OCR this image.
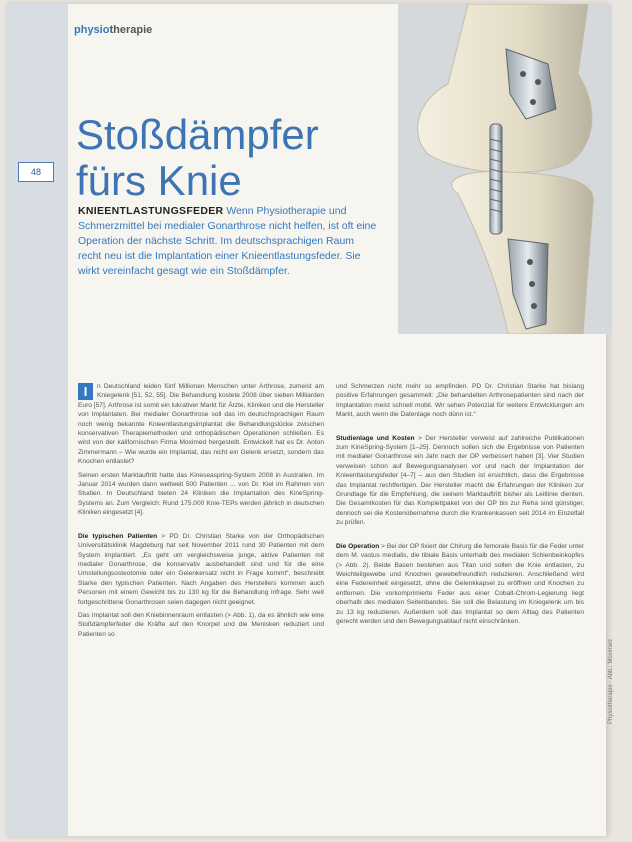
48
physiotherapie
Stoßdämpfer
fürs Knie
KNIEENTLASTUNGSFEDER Wenn Physiotherapie und Schmerzmittel bei medialer Gonarthrose nicht helfen, ist oft eine Operation der nächste Schritt. Im deutschsprachigen Raum recht neu ist die Implantation einer Knieentlastungsfeder. Sie wirkt vereinfacht gesagt wie ein Stoßdämpfer.

I	n Deutschland leiden fünf Millionen Menschen unter Arthrose, zumeist am Kniegelenk [51, 52, 55]. Die Behandlung kostete 2008 über sieben Milliarden Euro [57]. Arthrose ist somit ein lukrativer Markt für Ärzte, Kliniken und die Hersteller von Implantaten. Bei medialer Gonarthrose soll das im deutschsprachigen Raum noch wenig bekannte Knieentlastungsimplantat die Behandlungslücke zwischen konservativen Therapiemethoden und orthopädischen Operationen schließen. Es wird von der kalifornischen Firma Moximed hergestellt. Entwickelt hat es Dr. Anton Zimmermann – Wie wurde ein Implantat, das nicht ein Gelenk ersetzt, sondern das Knochen entlastet?

Seinen ersten Marktauftritt hatte das Kineseaspring-System 2008 in Australien. Im Januar 2014 wurden dann weltweit 500 Patienten ... von Dr. Kiel im Rahmen von Studien. In Deutschland bieten 24 Kliniken die Implantation des KineSpring-Systems an. Zum Vergleich: Rund 175.000 Knie-TEPs werden jährlich in deutschen Kliniken eingesetzt [4].

Die typischen Patienten > PD Dr. Christian Starke von der Orthopädischen Universitätsklinik Magdeburg hat seit November 2011 rund 30 Patienten mit dem System implantiert. „Es geht um vergleichsweise junge, aktive Patienten mit medialer Gonarthrose, die konservativ ausbehandelt sind und für die eine Umstellungsosteotomie oder ein Gelenkersatz nicht in Frage kommt“, beschreibt Starke den typischen Patienten. Nach Angaben des Herstellers kommen auch Personen mit einem Gewicht bis zu 130 kg für die Behandlung infrage. Sehr weit fortgeschrittene Gonarthrosen seien dagegen nicht geeignet.

Das Implantat soll den Kniebinnenraum entlasten (> Abb. 1), da es ähnlich wie eine Stoßdämpferfeder die Kräfte auf den Knorpel und die Menisken reduziert und Patienten so

und Schmerzen nicht mehr so empfinden. PD Dr. Christian Starke hat bislang positive Erfahrungen gesammelt: „Die behandelten Arthrosepatienten sind nach der Implantation meist schnell mobil. Wir sehen Potenzial für weitere Entwicklungen am Markt, auch wenn die Datenlage noch dünn ist.“

Studienlage und Kosten > Der Hersteller verweist auf zahlreiche Publikationen zum KineSpring-System [1–25]. Dennoch sollen sich die Ergebnisse von Patienten mit medialer Gonarthrose ein Jahr nach der OP verbessert haben [3]. Vier Studien verweisen schon auf Bewegungsanalysen vor und nach der Implantation der Knieentlastungsfeder [4–7] – aus den Studien ist ersichtlich, dass die Ergebnisse das Implantat rechtfertigen. Der Hersteller macht die Erfahrungen der Kliniken zur Grundlage für die Empfehlung, die seinem Marktauftritt bisher als Leitlinie dienten. Die Gesamtkosten für das Komplettpaket von der OP bis zur Reha sind günstiger, dennoch sei die Kostenübernahme durch die Krankenkassen seit 2014 im Einzelfall zu prüfen.

Die Operation > Bei der OP fixiert der Chirurg die femorale Basis für die Feder unter dem M. vastus medialis, die tibiale Basis unterhalb des medialen Schienbeinkopfes (> Abb. 2). Beide Basen bestehen aus Titan und sollen die Knie entlasten, zu Weichteilgewebe und Knochen gewebefreundlich reduzieren. Anschließend wird eine Federeinheit eingesetzt, ohne die Gelenkkapsel zu eröffnen und Knochen zu entfernen. Die vorkomprimierte Feder aus einer Cobalt-Chrom-Legierung liegt oberhalb des medialen Seitenbandes. Sie soll die Belastung im Kniegelenk um bis zu 13 kg reduzieren. Außerdem soll das Implantat so dem Alltag des Patienten gerecht werden und den Bewegungsablauf nicht einschränken.

Physiotherapie · Abb.: Moximed
